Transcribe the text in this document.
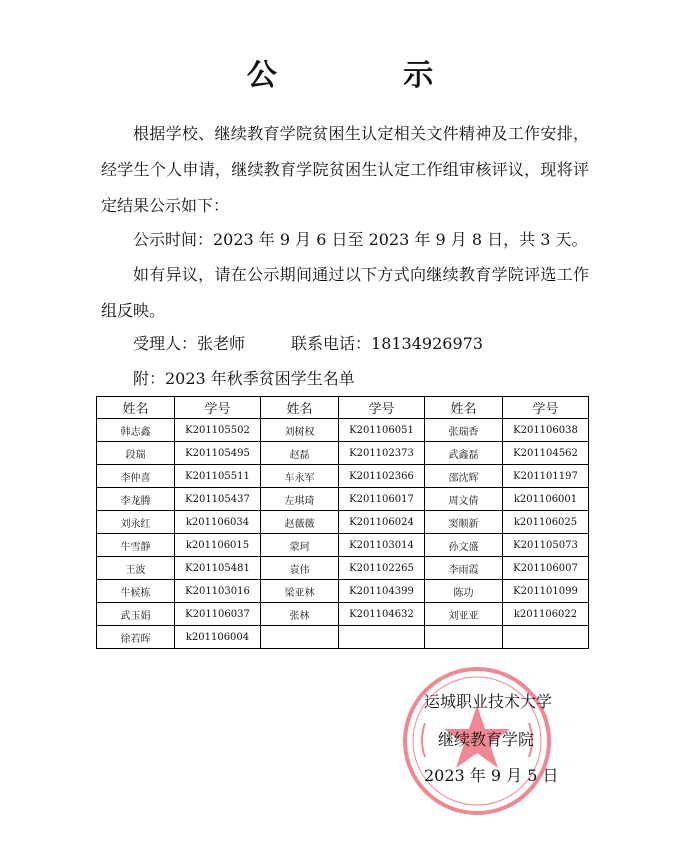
公 示
根据学校、继续教育学院贫困生认定相关文件精神及工作安排，经学生个人申请，继续教育学院贫困生认定工作组审核评议，现将评定结果公示如下：
公示时间：2023 年 9 月 6 日至 2023 年 9 月 8 日，共 3 天。
如有异议，请在公示期间通过以下方式向继续教育学院评选工作组反映。
受理人：张老师	联系电话：18134926973
附：2023 年秋季贫困学生名单
姓名	学号	姓名	学号	姓名	学号
韩志鑫	K201105502	刘树权	K201106051	张瑞香	K201106038
段瑞	K201105495	赵磊	K201102373	武鑫磊	K201104562
李仲喜	K201105511	车永军	K201102366	邵沈辉	K201101197
李龙腾	K201105437	左琪琦	K201106017	周文倩	k201106001
刘永红	k201106034	赵薇薇	K201106024	窦顺新	k201106025
牛雪静	k201106015	蒙珂	K201103014	孙文盛	K201105073
王波	K201105481	袁伟	K201102265	李雨霞	K201106007
牛候栋	K201103016	梁亚林	K201104399	陈功	K201101099
武玉娟	K201106037	张林	K201104632	刘亚亚	k201106022
徐若晖	k201106004				
运城职业技术大学
继续教育学院
2023 年 9 月 5 日
